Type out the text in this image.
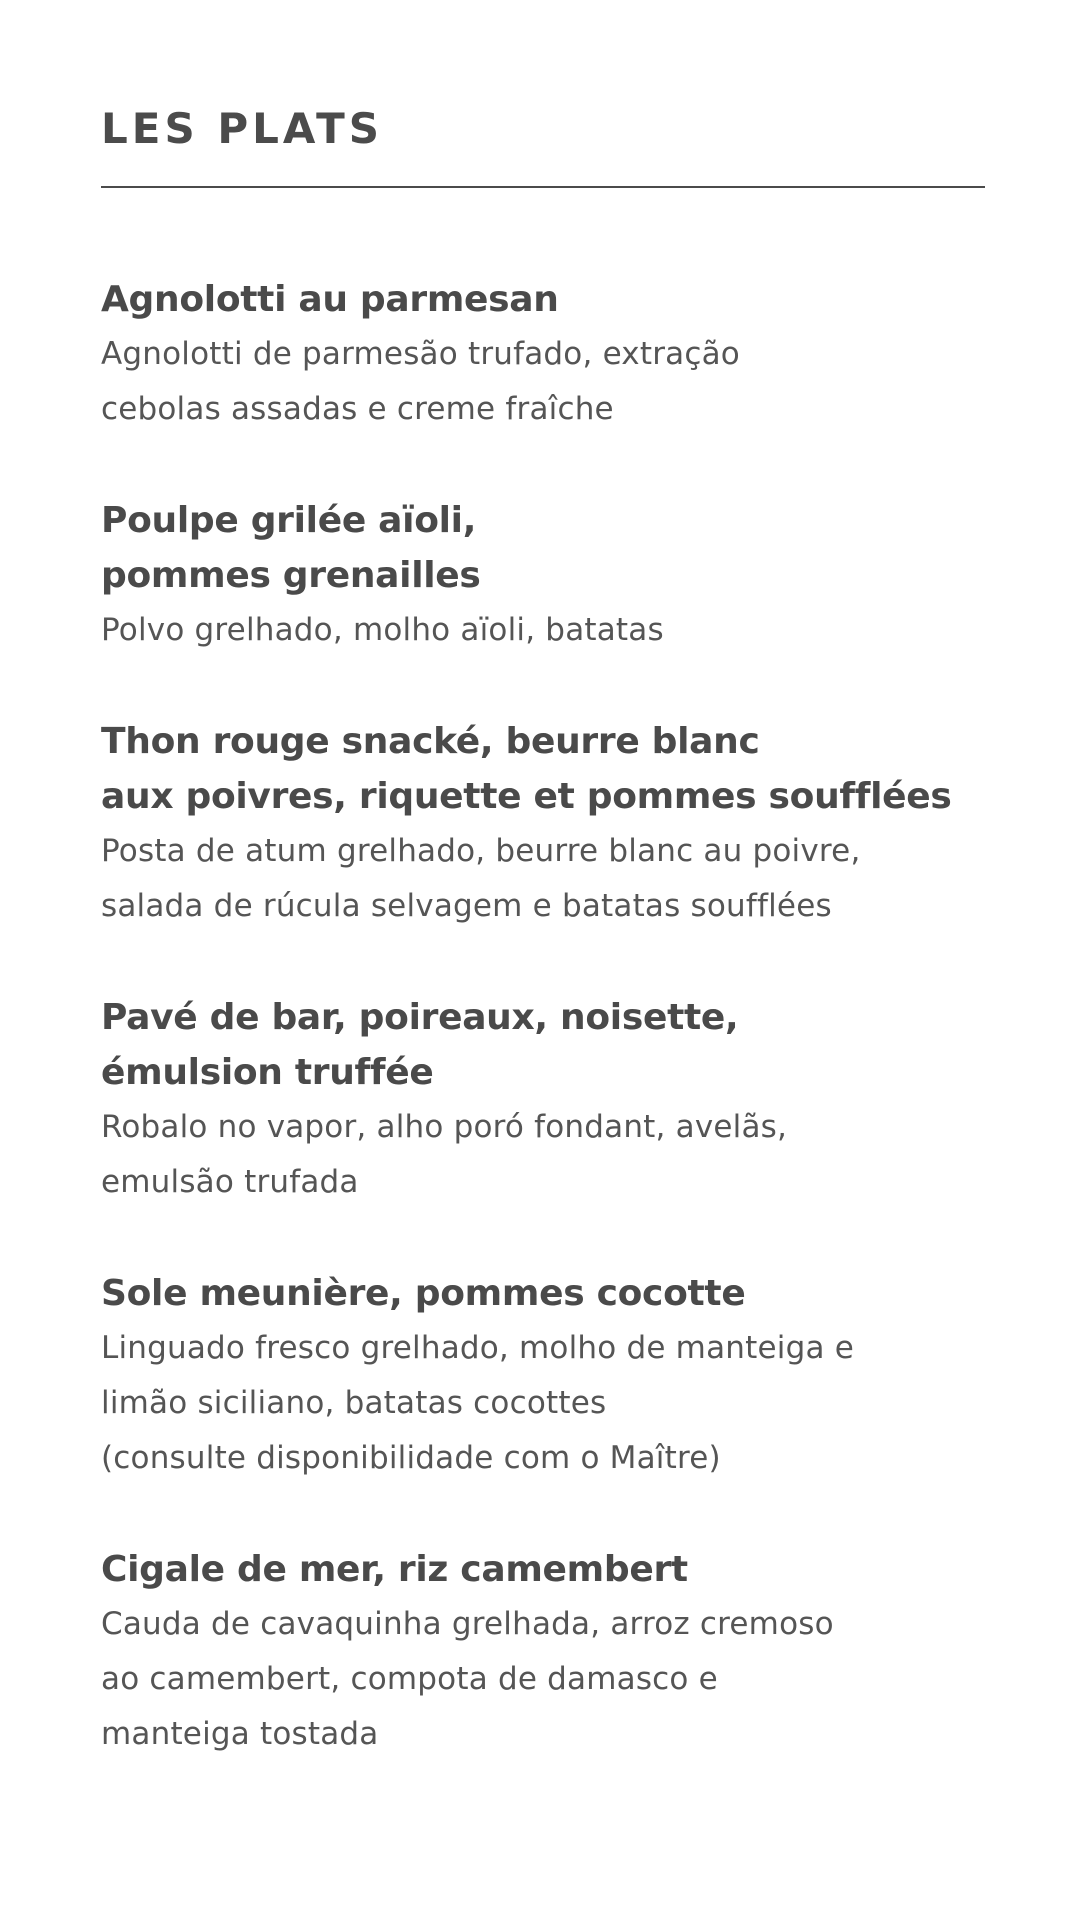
LES PLATS
Agnolotti au parmesan
Agnolotti de parmesão trufado, extração
cebolas assadas e creme fraîche
Poulpe grilée aïoli,
pommes grenailles
Polvo grelhado, molho aïoli, batatas
Thon rouge snacké, beurre blanc
aux poivres, riquette et pommes soufflées
Posta de atum grelhado, beurre blanc au poivre,
salada de rúcula selvagem e batatas soufflées
Pavé de bar, poireaux, noisette,
émulsion truffée
Robalo no vapor, alho poró fondant, avelãs,
emulsão trufada
Sole meunière, pommes cocotte
Linguado fresco grelhado, molho de manteiga e
limão siciliano, batatas cocottes
(consulte disponibilidade com o Maître)
Cigale de mer, riz camembert
Cauda de cavaquinha grelhada, arroz cremoso
ao camembert, compota de damasco e
manteiga tostada
